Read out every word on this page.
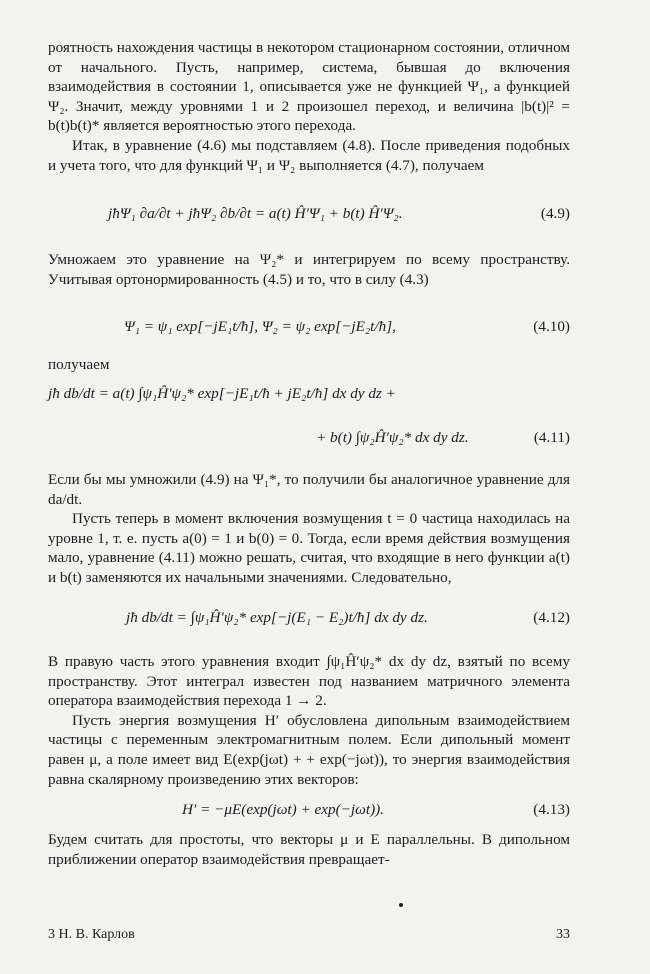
роятность нахождения частицы в некотором стационарном состоянии, отличном от начального. Пусть, например, система, бывшая до включения взаимодействия в состоянии 1, описывается уже не функцией Ψ₁, а функцией Ψ₂. Значит, между уровнями 1 и 2 произошел переход, и величина |b(t)|² = b(t)b(t)* является вероятностью этого перехода.

Итак, в уравнение (4.6) мы подставляем (4.8). После приведения подобных и учета того, что для функций Ψ₁ и Ψ₂ выполняется (4.7), получаем

jħΨ₁ ∂a/∂t + jħΨ₂ ∂b/∂t = a(t) Ĥ′Ψ₁ + b(t) Ĥ′Ψ₂.	(4.9)

Умножаем это уравнение на Ψ₂* и интегрируем по всему пространству. Учитывая ортонормированность (4.5) и то, что в силу (4.3)

Ψ₁ = ψ₁ exp[−jE₁t/ħ], Ψ₂ = ψ₂ exp[−jE₂t/ħ],	(4.10)

получаем

jħ db/dt = a(t) ∫ψ₁Ĥ′ψ₂* exp[−jE₁t/ħ + jE₂t/ħ] dx dy dz +
+ b(t) ∫ψ₂Ĥ′ψ₂* dx dy dz.	(4.11)

Если бы мы умножили (4.9) на Ψ₁*, то получили бы аналогичное уравнение для da/dt.

Пусть теперь в момент включения возмущения t = 0 частица находилась на уровне 1, т. е. пусть a(0) = 1 и b(0) = 0. Тогда, если время действия возмущения мало, уравнение (4.11) можно решать, считая, что входящие в него функции a(t) и b(t) заменяются их начальными значениями. Следовательно,

jħ db/dt = ∫ψ₁Ĥ′ψ₂* exp[−j(E₁ − E₂)t/ħ] dx dy dz.	(4.12)

В правую часть этого уравнения входит ∫ψ₁Ĥ′ψ₂* dx dy dz, взятый по всему пространству. Этот интеграл известен под названием матричного элемента оператора взаимодействия перехода 1 → 2.

Пусть энергия возмущения H′ обусловлена дипольным взаимодействием частицы с переменным электромагнитным полем. Если дипольный момент равен μ, а поле имеет вид E(exp(jωt) + + exp(−jωt)), то энергия взаимодействия равна скалярному произведению этих векторов:

H′ = −μE(exp(jωt) + exp(−jωt)).	(4.13)

Будем считать для простоты, что векторы μ и E параллельны. В дипольном приближении оператор взаимодействия превращает-

3 Н. В. Карлов	33
